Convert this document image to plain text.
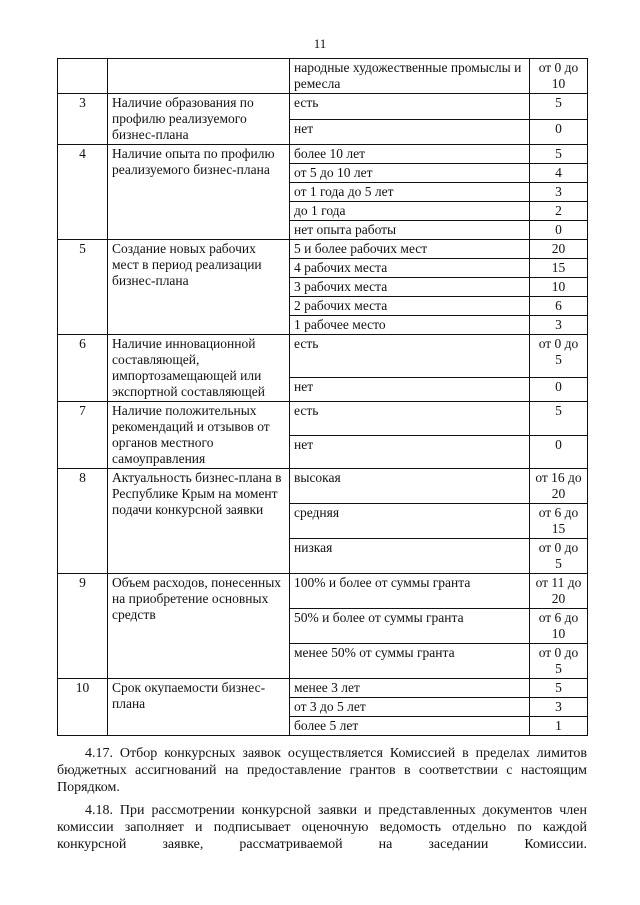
11
		народные художественные промыслы и ремесла	от 0 до 10
3	Наличие образования по профилю реализуемого бизнес-плана	есть	5
		нет	0
4	Наличие опыта по профилю реализуемого бизнес-плана	более 10 лет	5
		от 5 до 10 лет	4
		от 1 года до 5 лет	3
		до 1 года	2
		нет опыта работы	0
5	Создание новых рабочих мест в период реализации бизнес-плана	5 и более рабочих мест	20
		4 рабочих места	15
		3 рабочих места	10
		2 рабочих места	6
		1 рабочее место	3
6	Наличие инновационной составляющей, импортозамещающей или экспортной составляющей	есть	от 0 до 5
		нет	0
7	Наличие положительных рекомендаций и отзывов от органов местного самоуправления	есть	5
		нет	0
8	Актуальность бизнес-плана в Республике Крым на момент подачи конкурсной заявки	высокая	от 16 до 20
		средняя	от 6 до 15
		низкая	от 0 до 5
9	Объем расходов, понесенных на приобретение основных средств	100% и более от суммы гранта	от 11 до 20
		50% и более от суммы гранта	от 6 до 10
		менее 50% от суммы гранта	от 0 до 5
10	Срок окупаемости бизнес-плана	менее 3 лет	5
		от 3 до 5 лет	3
		более 5 лет	1

4.17. Отбор конкурсных заявок осуществляется Комиссией в пределах лимитов бюджетных ассигнований на предоставление грантов в соответствии с настоящим Порядком.

4.18. При рассмотрении конкурсной заявки и представленных документов член комиссии заполняет и подписывает оценочную ведомость отдельно по каждой конкурсной заявке, рассматриваемой на заседании Комиссии.
